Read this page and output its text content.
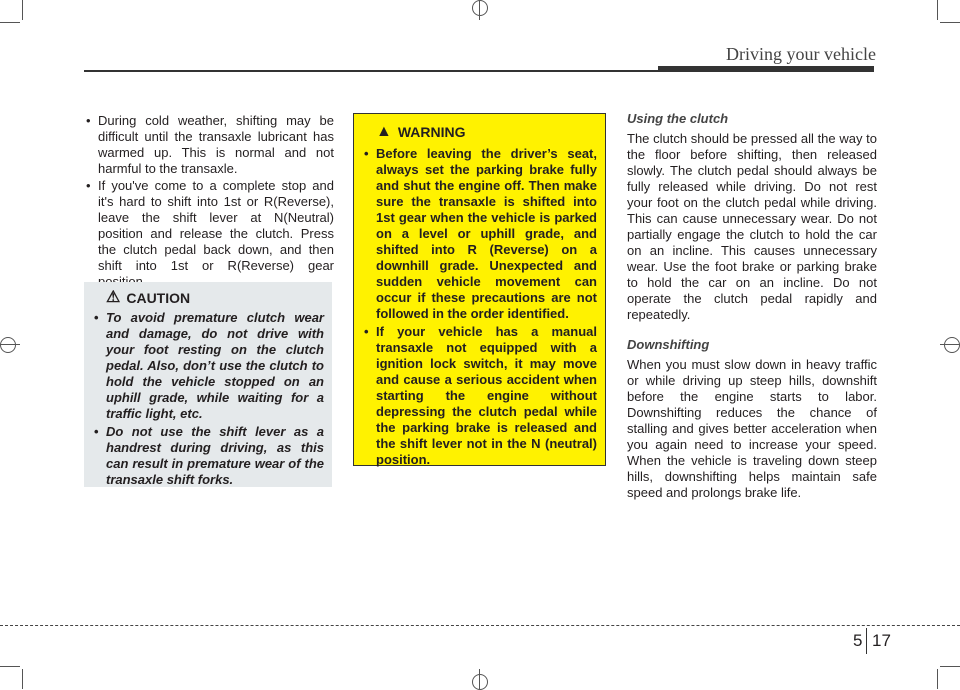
Driving your vehicle
• During cold weather, shifting may be difficult until the transaxle lubricant has warmed up. This is normal and not harmful to the transaxle.
• If you've come to a complete stop and it's hard to shift into 1st or R(Reverse), leave the shift lever at N(Neutral) position and release the clutch. Press the clutch pedal back down, and then shift into 1st or R(Reverse) gear
⚠ CAUTION
• To avoid premature clutch wear and damage, do not drive with your foot resting on the clutch pedal. Also, don’t use the clutch to hold the vehicle stopped on an uphill grade, while waiting for a traffic light, etc.
• Do not use the shift lever as a handrest during driving, as this can result in premature wear of the transaxle shift forks.
▲ WARNING
• Before leaving the driver’s seat, always set the parking brake fully and shut the engine off. Then make sure the transaxle is shifted into 1st gear when the vehicle is parked on a level or uphill grade, and shifted into R (Reverse) on a downhill grade. Unexpected and sudden vehicle movement can occur if these precautions are not followed in the order identified.
• If your vehicle has a manual transaxle not equipped with a ignition lock switch, it may move and cause a serious accident when starting the engine without depressing the clutch pedal while the parking brake is released and the shift lever not in the N (neutral) position.
Using the clutch

The clutch should be pressed all the way to the floor before shifting, then released slowly. The clutch pedal should always be fully released while driving. Do not rest your foot on the clutch pedal while driving. This can cause unnecessary wear. Do not partially engage the clutch to hold the car on an incline. This causes unnecessary wear. Use the foot brake or parking brake to hold the car on an incline. Do not operate the clutch pedal rapidly and repeatedly.

Downshifting

When you must slow down in heavy traffic or while driving up steep hills, downshift before the engine starts to labor. Downshifting reduces the chance of stalling and gives better acceleration when you again need to increase your speed. When the vehicle is traveling down steep hills, downshifting helps maintain safe speed and prolongs brake life.

5 17
